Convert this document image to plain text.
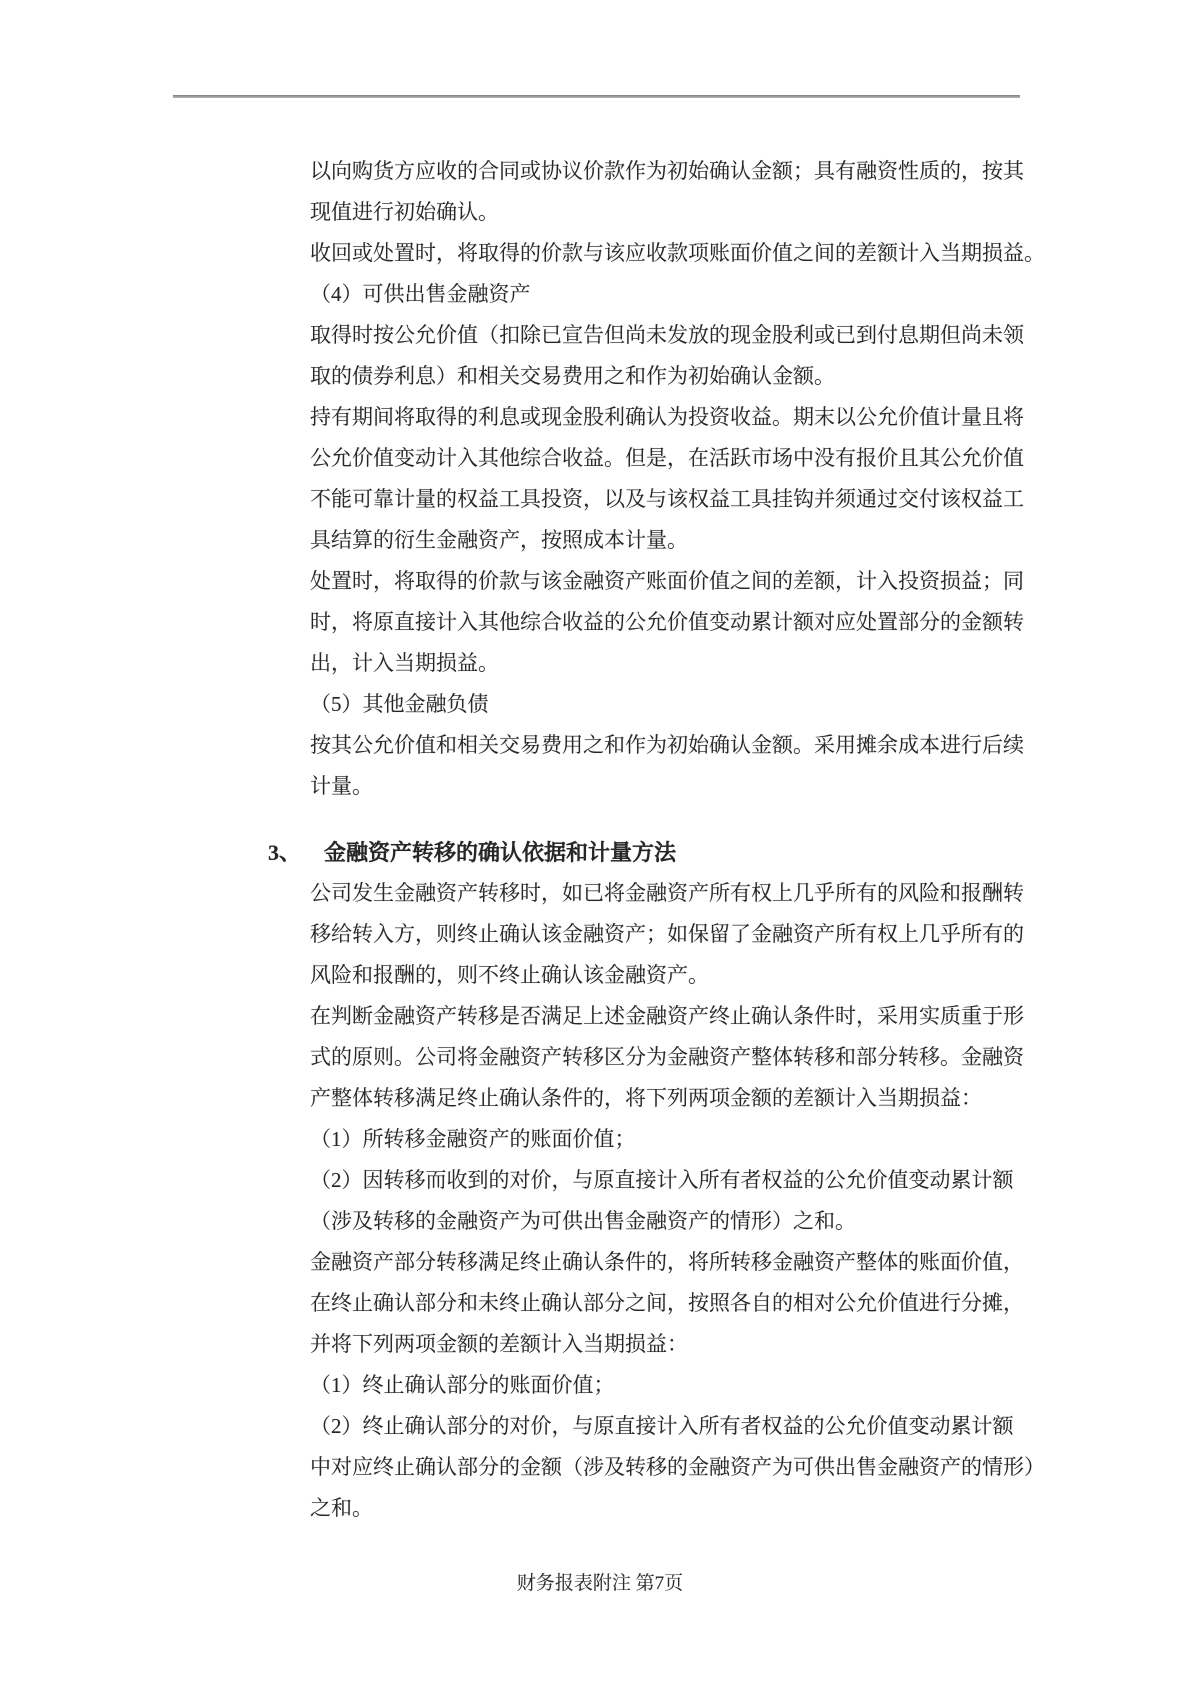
以向购货方应收的合同或协议价款作为初始确认金额；具有融资性质的，按其
现值进行初始确认。
收回或处置时，将取得的价款与该应收款项账面价值之间的差额计入当期损益。
（4）可供出售金融资产
取得时按公允价值（扣除已宣告但尚未发放的现金股利或已到付息期但尚未领
取的债券利息）和相关交易费用之和作为初始确认金额。
持有期间将取得的利息或现金股利确认为投资收益。期末以公允价值计量且将
公允价值变动计入其他综合收益。但是，在活跃市场中没有报价且其公允价值
不能可靠计量的权益工具投资，以及与该权益工具挂钩并须通过交付该权益工
具结算的衍生金融资产，按照成本计量。
处置时，将取得的价款与该金融资产账面价值之间的差额，计入投资损益；同
时，将原直接计入其他综合收益的公允价值变动累计额对应处置部分的金额转
出，计入当期损益。
（5）其他金融负债
按其公允价值和相关交易费用之和作为初始确认金额。采用摊余成本进行后续
计量。
3、	金融资产转移的确认依据和计量方法
公司发生金融资产转移时，如已将金融资产所有权上几乎所有的风险和报酬转
移给转入方，则终止确认该金融资产；如保留了金融资产所有权上几乎所有的
风险和报酬的，则不终止确认该金融资产。
在判断金融资产转移是否满足上述金融资产终止确认条件时，采用实质重于形
式的原则。公司将金融资产转移区分为金融资产整体转移和部分转移。金融资
产整体转移满足终止确认条件的，将下列两项金额的差额计入当期损益：
（1）所转移金融资产的账面价值；
（2）因转移而收到的对价，与原直接计入所有者权益的公允价值变动累计额
（涉及转移的金融资产为可供出售金融资产的情形）之和。
金融资产部分转移满足终止确认条件的，将所转移金融资产整体的账面价值，
在终止确认部分和未终止确认部分之间，按照各自的相对公允价值进行分摊，
并将下列两项金额的差额计入当期损益：
（1）终止确认部分的账面价值；
（2）终止确认部分的对价，与原直接计入所有者权益的公允价值变动累计额
中对应终止确认部分的金额（涉及转移的金融资产为可供出售金融资产的情形）
之和。
财务报表附注 第7页
